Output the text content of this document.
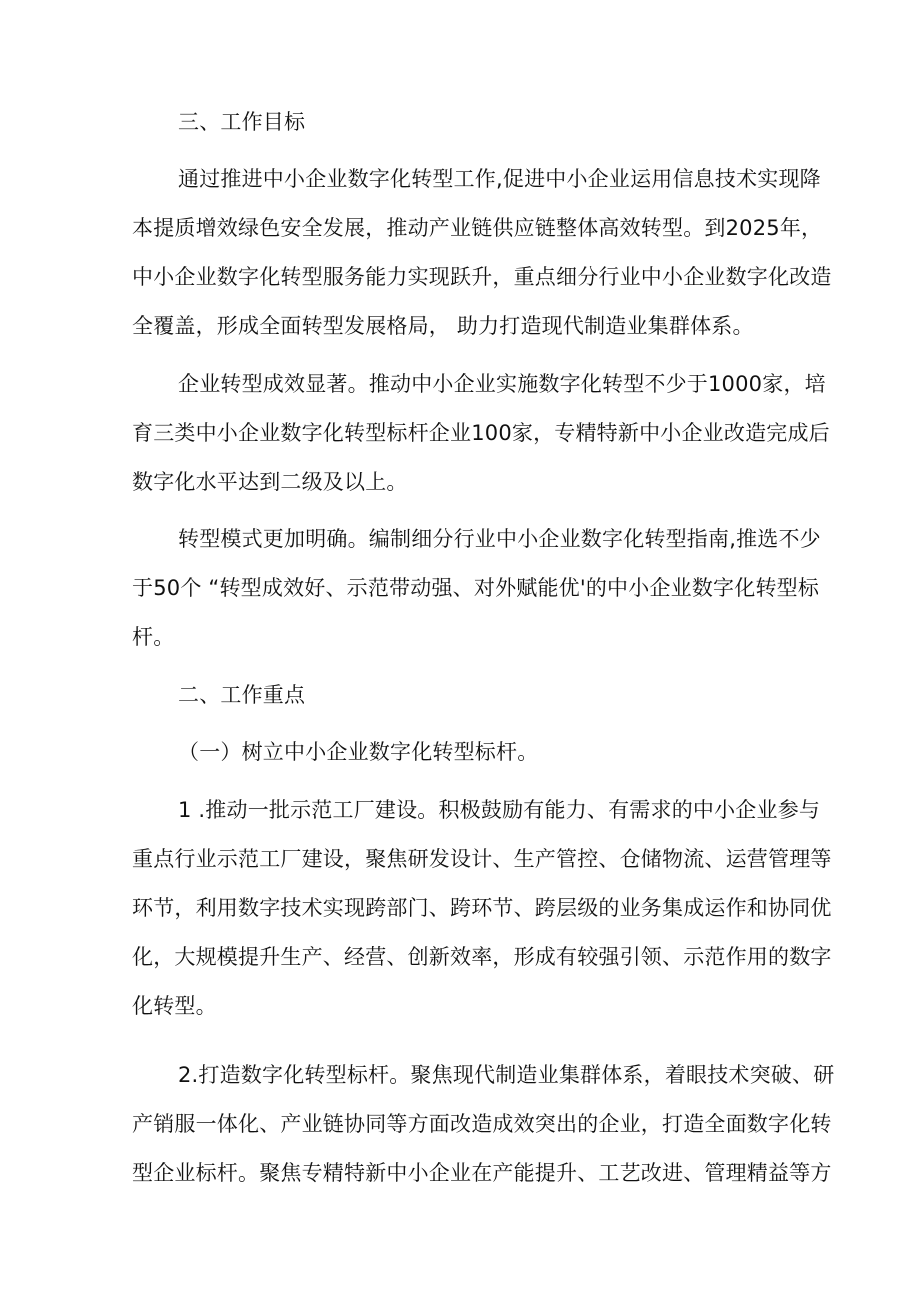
三、工作目标
通过推进中小企业数字化转型工作,促进中小企业运用信息技术实现降
本提质增效绿色安全发展，推动产业链供应链整体高效转型。到2025年，
中小企业数字化转型服务能力实现跃升，重点细分行业中小企业数字化改造
全覆盖，形成全面转型发展格局， 助力打造现代制造业集群体系。
企业转型成效显著。推动中小企业实施数字化转型不少于1000家，培
育三类中小企业数字化转型标杆企业100家，专精特新中小企业改造完成后
数字化水平达到二级及以上。
转型模式更加明确。编制细分行业中小企业数字化转型指南,推选不少
于50个 “转型成效好、示范带动强、对外赋能优'的中小企业数字化转型标
杆。
二、工作重点
（一）树立中小企业数字化转型标杆。
1 .推动一批示范工厂建设。积极鼓励有能力、有需求的中小企业参与
重点行业示范工厂建设，聚焦研发设计、生产管控、仓储物流、运营管理等
环节，利用数字技术实现跨部门、跨环节、跨层级的业务集成运作和协同优
化，大规模提升生产、经营、创新效率，形成有较强引领、示范作用的数字
化转型。
2.打造数字化转型标杆。聚焦现代制造业集群体系，着眼技术突破、研
产销服一体化、产业链协同等方面改造成效突出的企业，打造全面数字化转
型企业标杆。聚焦专精特新中小企业在产能提升、工艺改进、管理精益等方
